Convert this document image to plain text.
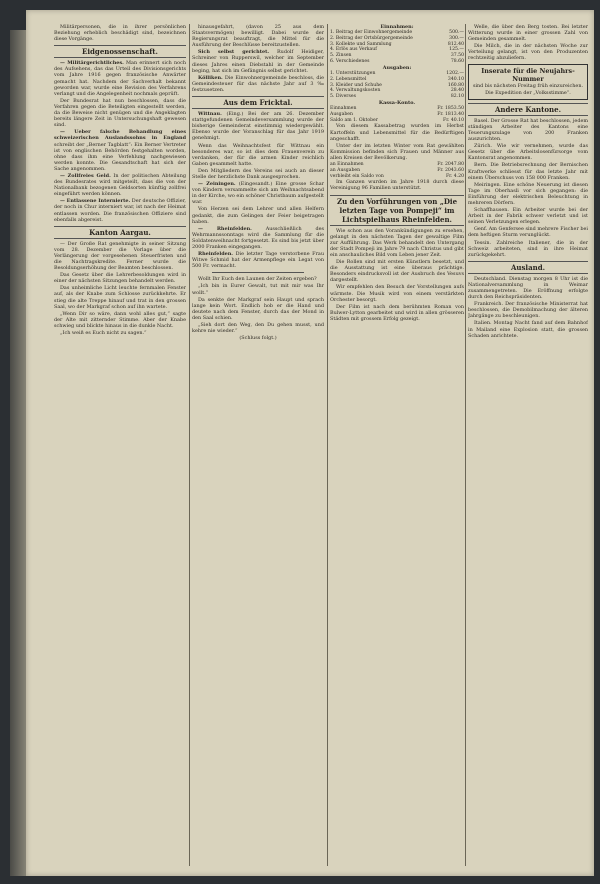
Militärpersonen, die in ihrer persönlichen Beziehung erheblich beschädigt sind, bezeichnen diese Vorgänge.

Eidgenossenschaft.

— Militärgerichtliches. Man erinnert sich noch des Aufsehens, das das Urteil des Divisionsgerichts vom Jahre 1916 gegen französische Anwärter gemacht hat. Nachdem der Sachverhalt bekannt geworden war, wurde eine Revision des Verfahrens verlangt und die Angelegenheit nochmals geprüft.

Der Bundesrat hat nun beschlossen, dass die Verfahren gegen die Beteiligten eingestellt werden, da die Beweise nicht genügen und die Angeklagten bereits längere Zeit in Untersuchungshaft gewesen sind.

— Ueber falsche Behandlung eines schweizerischen Auslandssohns in England schreibt der „Berner Tagblatt“: Ein Berner Vertreter ist von englischen Behörden festgehalten worden, ohne dass ihm eine Verfehlung nachgewiesen werden konnte. Die Gesandtschaft hat sich der Sache angenommen.

— Zollfreies Geld. In der politischen Abteilung des Bundesrates wird mitgeteilt, dass die von der Nationalbank bezogenen Geldsorten künftig zollfrei eingeführt werden können.

— Entlassene Internierte. Der deutsche Offizier, der noch in Chur interniert war, ist nach der Heimat entlassen worden. Die französischen Offiziere sind ebenfalls abgereist.

Kanton Aargau.

— Der Große Rat genehmigte in seiner Sitzung vom 28. Dezember die Vorlage über die Verlängerung der vorgesehenen Steuerfristen und die Nachtragskredite. Ferner wurde die Besoldungserhöhung der Beamten beschlossen.

Das Gesetz über die Lehrerbesoldungen wird in einer der nächsten Sitzungen behandelt werden.

Das unheimliche Licht leuchte fernmalen Fenster auf, als der Knabe zum Schlosse zurückkehrte. Er stieg die alte Treppe hinauf und trat in den grossen Saal, wo der Markgraf schon auf ihn wartete.

„Wenn Dir so wäre, dann wohl alles gut,“ sagte der Alte mit zitternder Stimme. Aber der Knabe schwieg und blickte hinaus in die dunkle Nacht.

„Ich weiß es Euch nicht zu sagen.“

hinausgefahrt, (davon 25 aus dem Staatsvermögen) bewilligt. Dabei wurde der Regierungsrat beauftragt, die Mittel für die Ausführung der Beschlüsse bereitzustellen.

Sich selbst gerichtet. Rudolf Heidiger, Schreiner von Rupperswil, welcher im September dieses Jahres einen Diebstahl in der Gemeinde beging, hat sich im Gefängnis selbst gerichtet.

Kölliken. Die Einwohnergemeinde beschloss, die Gemeindesteuer für das nächste Jahr auf 3 ‰ festzusetzen.

Aus dem Fricktal.

Wittnau. (Eing.) Bei der am 26. Dezember stattgefundenen Gemeindeversammlung wurde der bisherige Gemeinderat einstimmig wiedergewählt. Ebenso wurde der Voranschlag für das Jahr 1919 genehmigt.

Wenn das Weihnachtsfest für Wittnau ein besonderes war, so ist dies dem Frauenverein zu verdanken, der für die armen Kinder reichlich Gaben gesammelt hatte.

Den Mitgliedern des Vereins sei auch an dieser Stelle der herzlichste Dank ausgesprochen.

— Zeiningen. (Eingesandt.) Eine grosse Schar von Kindern versammelte sich am Weihnachtsabend in der Kirche, wo ein schöner Christbaum aufgestellt war.

Von Herzen sei dem Lehrer und allen Helfern gedankt, die zum Gelingen der Feier beigetragen haben.

— Rheinfelden.	Ausschließlich des Wehrmannssonntags wird die Sammlung für die Soldatenweihnacht fortgesetzt. Es sind bis jetzt über 2000 Franken eingegangen.

Rheinfelden. Die letzter Tage verstorbene Frau Witwe Schmid hat der Armenpflege ein Legat von 500 Fr. vermacht.

Wollt Ihr Euch den Launen der Zeiten ergeben?

„Ich bin in Eurer Gewalt, tut mit mir was Ihr wollt.“

Da senkte der Markgraf sein Haupt und sprach lange kein Wort. Endlich hob er die Hand und deutete nach dem Fenster, durch das der Mond in den Saal schien.

„Sieh dort den Weg, den Du gehen musst, und kehre nie wieder.“

(Schluss folgt.)

Einnahmen:
1. Beitrag der Einwohnergemeinde	500.—
2. Beitrag der Ortsbürgergemeinde	300.—
3. Kollekte und Sammlung	812.40
4. Erlös aus Verkauf	125.—
5. Zinsen	37.50
6. Verschiedenes	78.60
Ausgaben:
1. Unterstützungen	1202.—
2. Lebensmittel	340.10
3. Kleider und Schuhe	160.80
4. Verwaltungskosten	28.40
5. Diverses	82.10
Kassa-Konto.
Einnahmen	Fr. 1853.50
Ausgaben	Fr. 1813.40
Saldo am 1. Oktober	Fr. 40.10

Von diesem Kassabetrag wurden im Herbst Kartoffeln und Lebensmittel für die Bedürftigen angeschafft.

Unter der im letzten Winter vom Rat gewählten Kommission befinden sich Frauen und Männer aus allen Kreisen der Bevölkerung.

an Einnahmen	Fr. 2047.80
an Ausgaben	Fr. 2043.60
verbleibt ein Saldo von	Fr. 4.20

Im Ganzen wurden im Jahre 1918 durch diese Vereinigung 96 Familien unterstützt.

Zu den Vorführungen von „Die letzten Tage von Pompeji“ im Lichtspielhaus Rheinfelden.

Wie schon aus den Vorankündigungen zu ersehen, gelangt in den nächsten Tagen der gewaltige Film zur Aufführung. Das Werk behandelt den Untergang der Stadt Pompeji im Jahre 79 nach Christus und gibt ein anschauliches Bild vom Leben jener Zeit.

Die Rollen sind mit ersten Künstlern besetzt, und die Ausstattung ist eine überaus prächtige. Besonders eindrucksvoll ist der Ausbruch des Vesuvs dargestellt.

Wir empfehlen den Besuch der Vorstellungen aufs wärmste. Die Musik wird von einem verstärkten Orchester besorgt.

Der Film ist nach dem berühmten Roman von Bulwer-Lytton gearbeitet und wird in allen grösseren Städten mit grossem Erfolg gezeigt.

Welle, die über den Berg tosten. Bei letzter Witterung wurde in einer grossen Zahl von Gemeinden gesammelt.

Die Milch, die in der nächsten Woche zur Verteilung gelangt, ist von den Produzenten rechtzeitig abzuliefern.

Inserate für die Neujahrs-Nummer

sind bis nächsten Freitag früh einzureichen.

Die Expedition der „Volksstimme“.

Andere Kantone.

Basel. Der Grosse Rat hat beschlossen, jedem ständigen Arbeiter des Kantons eine Teuerungszulage von 200 Franken auszurichten.

Zürich. Wie wir vernehmen, wurde das Gesetz über die Arbeitslosenfürsorge vom Kantonsrat angenommen.

Bern. Die Betriebsrechnung der Bernischen Kraftwerke schliesst für das letzte Jahr mit einem Überschuss von 158 000 Franken.

Meiringen. Eine schöne Neuerung ist diesen Tage im Oberhasli vor sich gegangen: die Einführung der elektrischen Beleuchtung in mehreren Dörfern.

Schaffhausen. Ein Arbeiter wurde bei der Arbeit in der Fabrik schwer verletzt und ist seinen Verletzungen erlegen.

Genf. Am Genfersee sind mehrere Fischer bei dem heftigen Sturm verunglückt.

Tessin. Zahlreiche Italiener, die in der Schweiz arbeiteten, sind in ihre Heimat zurückgekehrt.

Ausland.

Deutschland. Dienstag morgen 8 Uhr ist die Nationalversammlung in Weimar zusammengetreten. Die Eröffnung erfolgte durch den Reichspräsidenten.

Frankreich. Der französische Ministerrat hat beschlossen, die Demobilmachung der älteren Jahrgänge zu beschleunigen.

Italien. Montag Nacht fand auf dem Bahnhof in Mailand eine Explosion statt, die grossen Schaden anrichtete.
